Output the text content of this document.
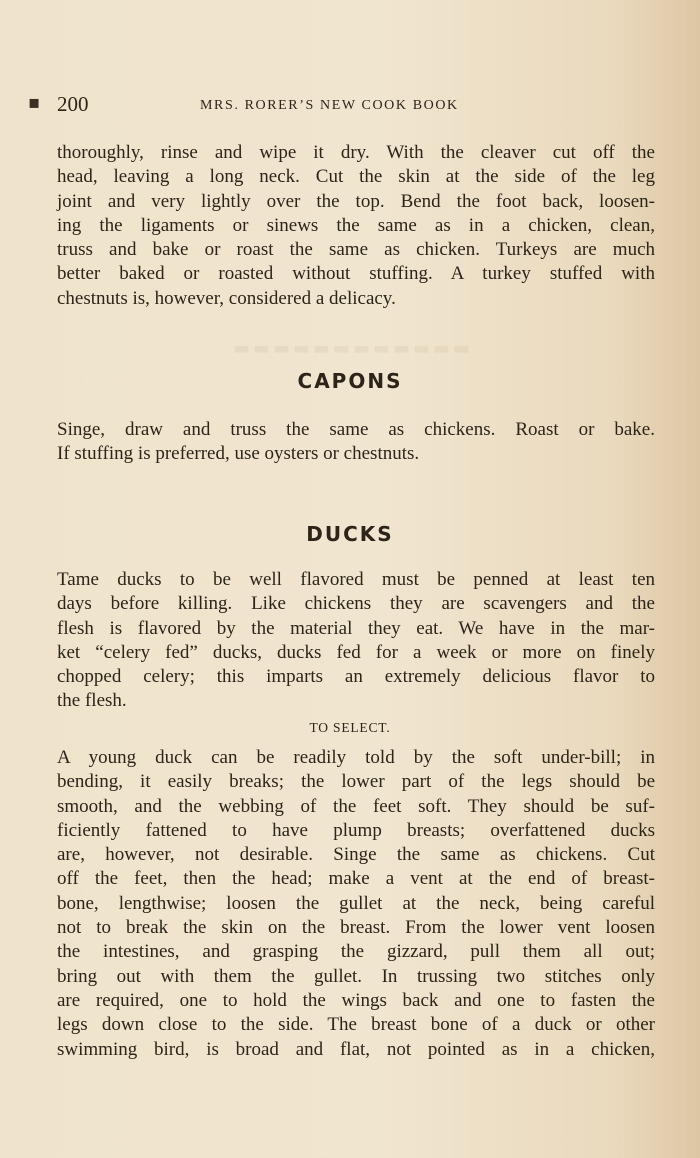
▪ 200	MRS. RORER’S NEW COOK BOOK
thoroughly, rinse and wipe it dry. With the cleaver cut off the
head, leaving a long neck. Cut the skin at the side of the leg
joint and very lightly over the top. Bend the foot back, loosen-
ing the ligaments or sinews the same as in a chicken, clean,
truss and bake or roast the same as chicken. Turkeys are much
better baked or roasted without stuffing. A turkey stuffed with
chestnuts is, however, considered a delicacy.
▬▬▬▬▬▬▬▬▬▬▬▬
CAPONS
Singe, draw and truss the same as chickens. Roast or bake.
If stuffing is preferred, use oysters or chestnuts.
DUCKS
Tame ducks to be well flavored must be penned at least ten
days before killing. Like chickens they are scavengers and the
flesh is flavored by the material they eat. We have in the mar-
ket “celery fed” ducks, ducks fed for a week or more on finely
chopped celery; this imparts an extremely delicious flavor to
the flesh.
TO SELECT.
A young duck can be readily told by the soft under-bill; in
bending, it easily breaks; the lower part of the legs should be
smooth, and the webbing of the feet soft. They should be suf-
ficiently fattened to have plump breasts; overfattened ducks
are, however, not desirable. Singe the same as chickens. Cut
off the feet, then the head; make a vent at the end of breast-
bone, lengthwise; loosen the gullet at the neck, being careful
not to break the skin on the breast. From the lower vent loosen
the intestines, and grasping the gizzard, pull them all out;
bring out with them the gullet. In trussing two stitches only
are required, one to hold the wings back and one to fasten the
legs down close to the side. The breast bone of a duck or other
swimming bird, is broad and flat, not pointed as in a chicken,
